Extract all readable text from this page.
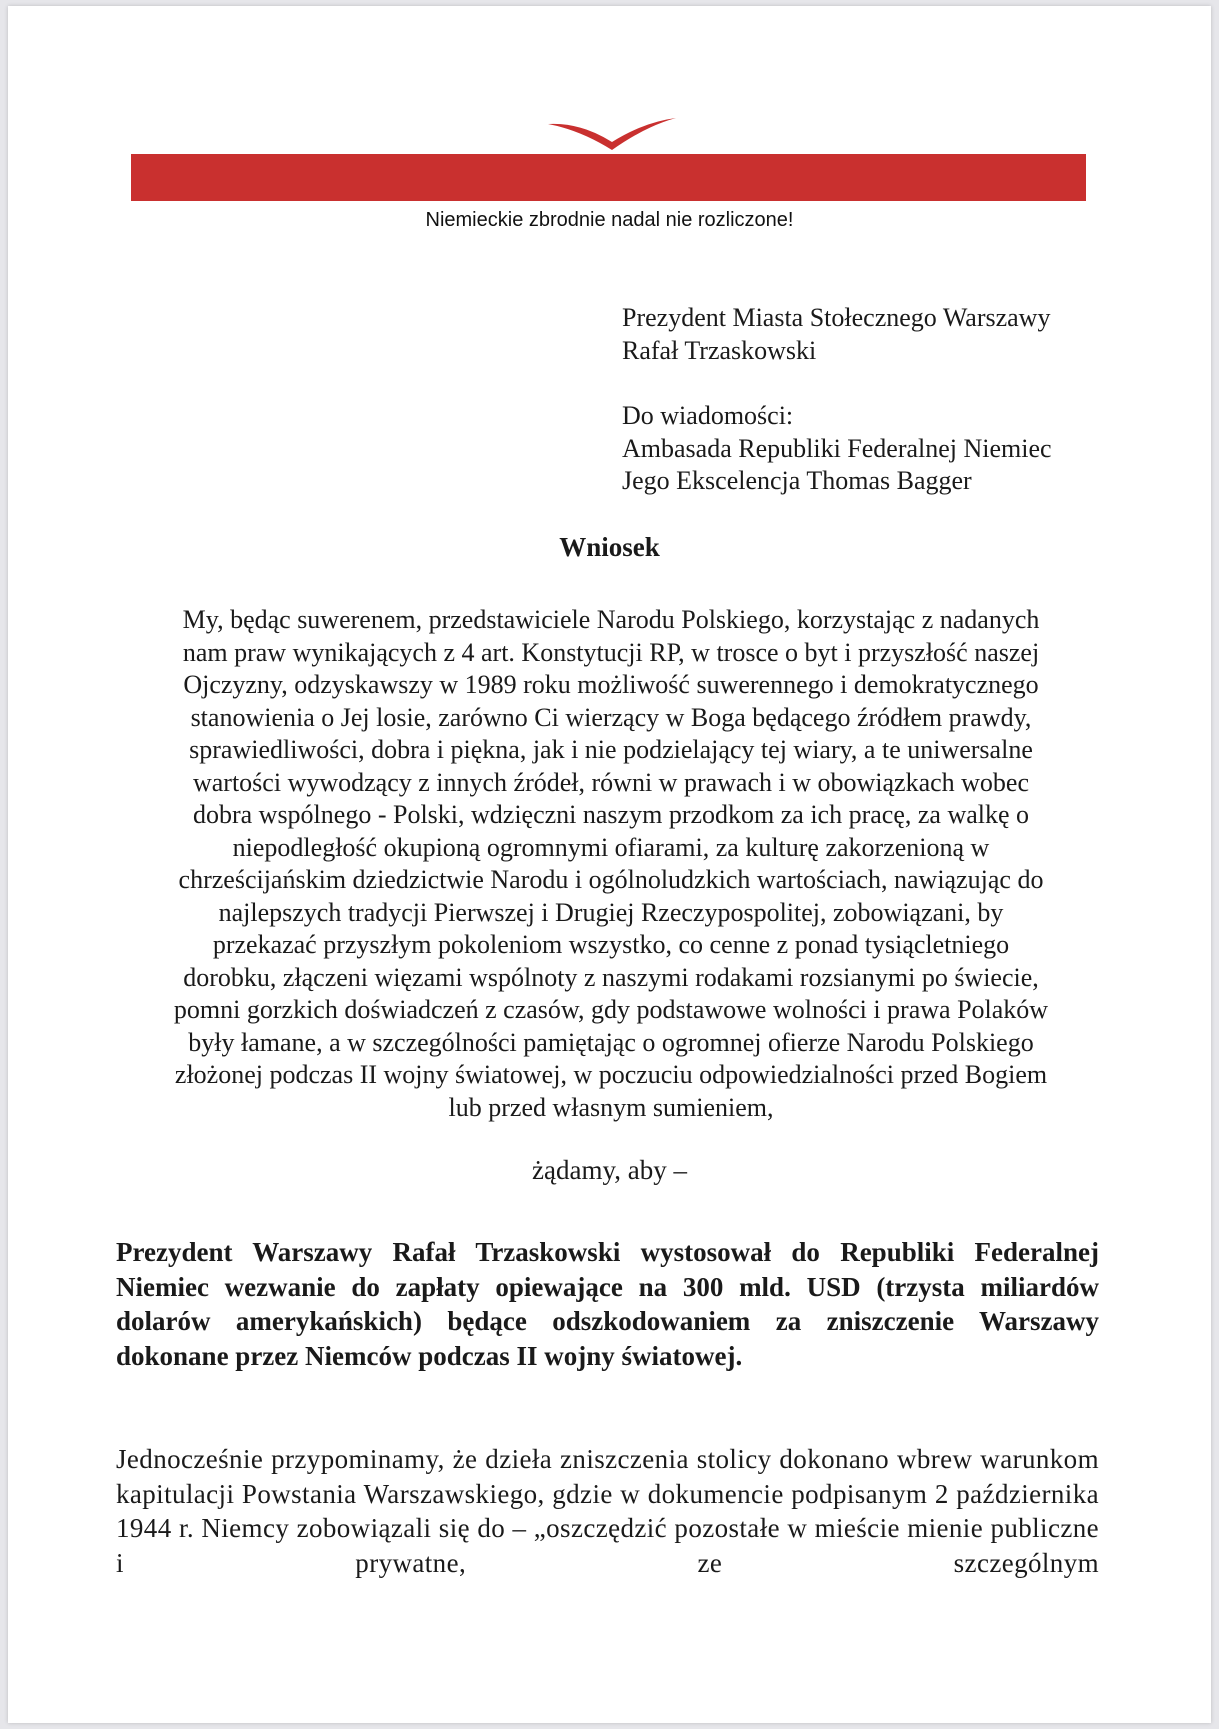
Niemieckie zbrodnie nadal nie rozliczone!
Prezydent Miasta Stołecznego Warszawy
Rafał Trzaskowski
Do wiadomości:
Ambasada Republiki Federalnej Niemiec
Jego Ekscelencja Thomas Bagger
Wniosek
My, będąc suwerenem, przedstawiciele Narodu Polskiego, korzystając z nadanych
nam praw wynikających z 4 art. Konstytucji RP, w trosce o byt i przyszłość naszej
Ojczyzny, odzyskawszy w 1989 roku możliwość suwerennego i demokratycznego
stanowienia o Jej losie, zarówno Ci wierzący w Boga będącego źródłem prawdy,
sprawiedliwości, dobra i piękna, jak i nie podzielający tej wiary, a te uniwersalne
wartości wywodzący z innych źródeł, równi w prawach i w obowiązkach wobec
dobra wspólnego - Polski, wdzięczni naszym przodkom za ich pracę, za walkę o
niepodległość okupioną ogromnymi ofiarami, za kulturę zakorzenioną w
chrześcijańskim dziedzictwie Narodu i ogólnoludzkich wartościach, nawiązując do
najlepszych tradycji Pierwszej i Drugiej Rzeczypospolitej, zobowiązani, by
przekazać przyszłym pokoleniom wszystko, co cenne z ponad tysiącletniego
dorobku, złączeni więzami wspólnoty z naszymi rodakami rozsianymi po świecie,
pomni gorzkich doświadczeń z czasów, gdy podstawowe wolności i prawa Polaków
były łamane, a w szczególności pamiętając o ogromnej ofierze Narodu Polskiego
złożonej podczas II wojny światowej, w poczuciu odpowiedzialności przed Bogiem
lub przed własnym sumieniem,
żądamy, aby –
Prezydent Warszawy Rafał Trzaskowski wystosował do Republiki Federalnej Niemiec wezwanie do zapłaty opiewające na 300 mld. USD (trzysta miliardów dolarów amerykańskich) będące odszkodowaniem za zniszczenie Warszawy dokonane przez Niemców podczas II wojny światowej.
Jednocześnie przypominamy, że dzieła zniszczenia stolicy dokonano wbrew warunkom kapitulacji Powstania Warszawskiego, gdzie w dokumencie podpisanym 2 października 1944 r. Niemcy zobowiązali się do – „oszczędzić pozostałe w mieście mienie publiczne i prywatne, ze szczególnym
